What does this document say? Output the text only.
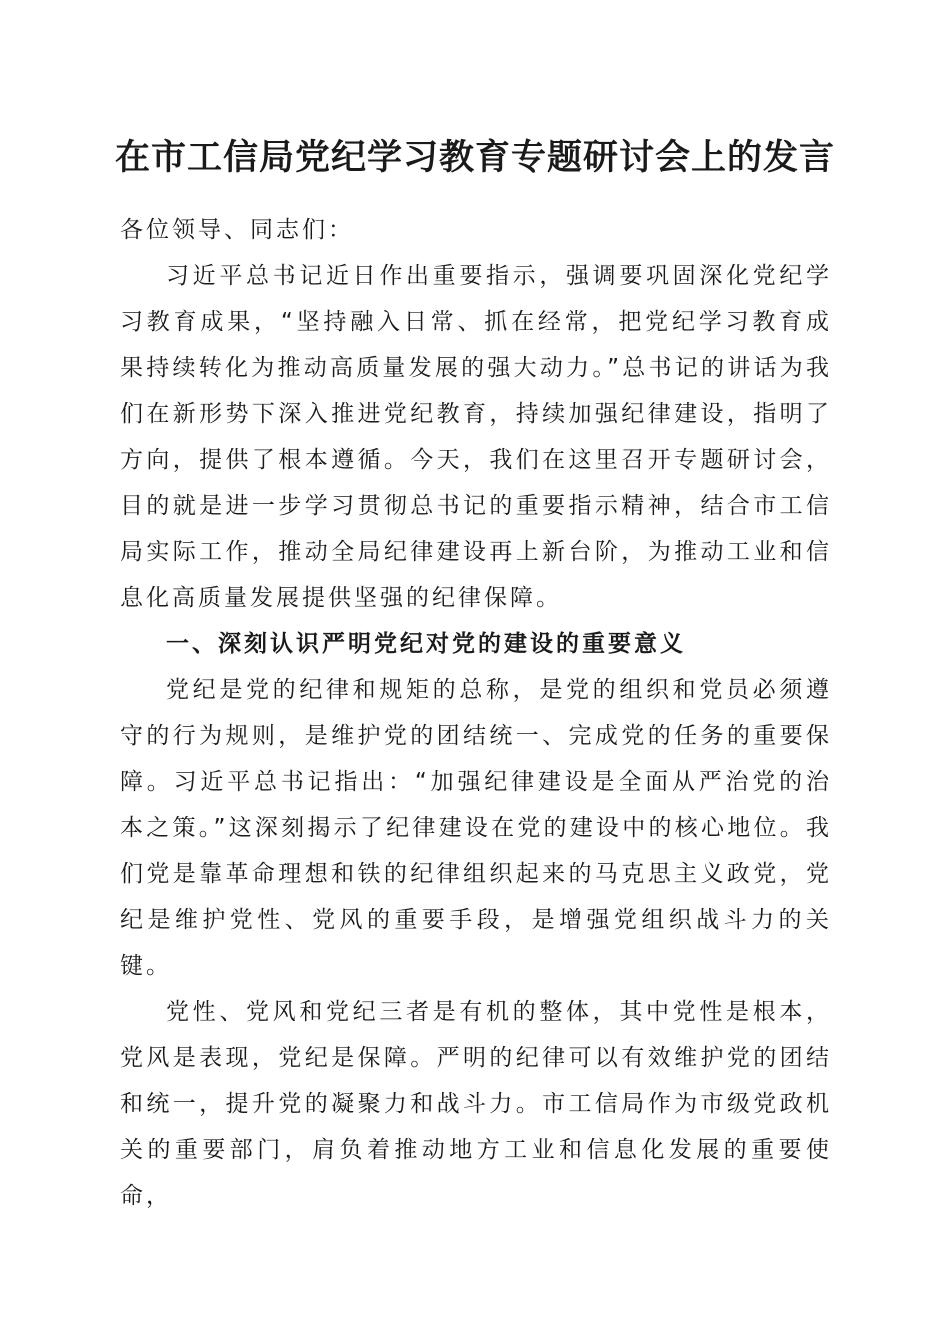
在市工信局党纪学习教育专题研讨会上的发言

各位领导、同志们：

习近平总书记近日作出重要指示，强调要巩固深化党纪学习教育成果，“坚持融入日常、抓在经常，把党纪学习教育成果持续转化为推动高质量发展的强大动力。”总书记的讲话为我们在新形势下深入推进党纪教育，持续加强纪律建设，指明了方向，提供了根本遵循。今天，我们在这里召开专题研讨会，目的就是进一步学习贯彻总书记的重要指示精神，结合市工信局实际工作，推动全局纪律建设再上新台阶，为推动工业和信息化高质量发展提供坚强的纪律保障。

一、深刻认识严明党纪对党的建设的重要意义

党纪是党的纪律和规矩的总称，是党的组织和党员必须遵守的行为规则，是维护党的团结统一、完成党的任务的重要保障。习近平总书记指出：“加强纪律建设是全面从严治党的治本之策。”这深刻揭示了纪律建设在党的建设中的核心地位。我们党是靠革命理想和铁的纪律组织起来的马克思主义政党，党纪是维护党性、党风的重要手段，是增强党组织战斗力的关键。

党性、党风和党纪三者是有机的整体，其中党性是根本，党风是表现，党纪是保障。严明的纪律可以有效维护党的团结和统一，提升党的凝聚力和战斗力。市工信局作为市级党政机关的重要部门，肩负着推动地方工业和信息化发展的重要使命，
